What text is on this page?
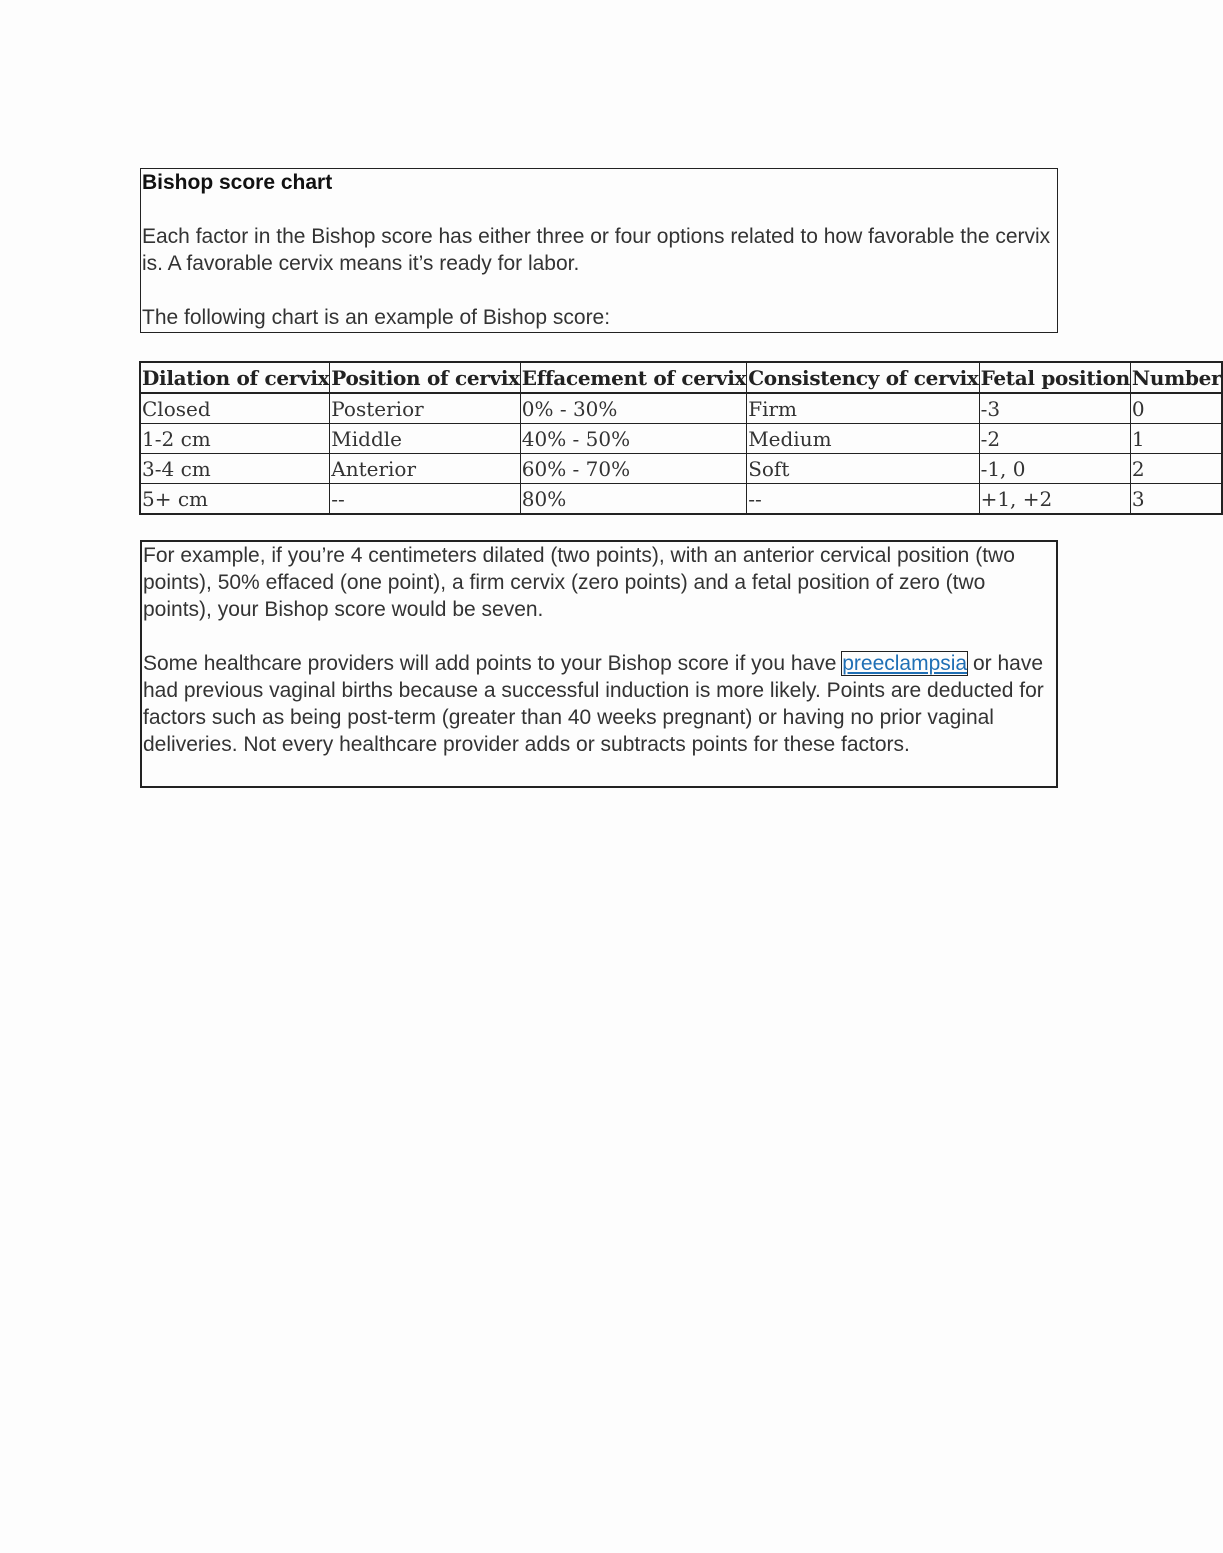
Bishop score chart

Each factor in the Bishop score has either three or four options related to how favorable the cervix is. A favorable cervix means it’s ready for labor.

The following chart is an example of Bishop score:

Dilation of cervix	Position of cervix	Effacement of cervix	Consistency of cervix	Fetal position	Number
Closed	Posterior	0% - 30%	Firm	-3	0
1-2 cm	Middle	40% - 50%	Medium	-2	1
3-4 cm	Anterior	60% - 70%	Soft	-1, 0	2
5+ cm	--	80%	--	+1, +2	3

For example, if you’re 4 centimeters dilated (two points), with an anterior cervical position (two points), 50% effaced (one point), a firm cervix (zero points) and a fetal position of zero (two points), your Bishop score would be seven.

Some healthcare providers will add points to your Bishop score if you have preeclampsia or have had previous vaginal births because a successful induction is more likely. Points are deducted for factors such as being post-term (greater than 40 weeks pregnant) or having no prior vaginal deliveries. Not every healthcare provider adds or subtracts points for these factors.
